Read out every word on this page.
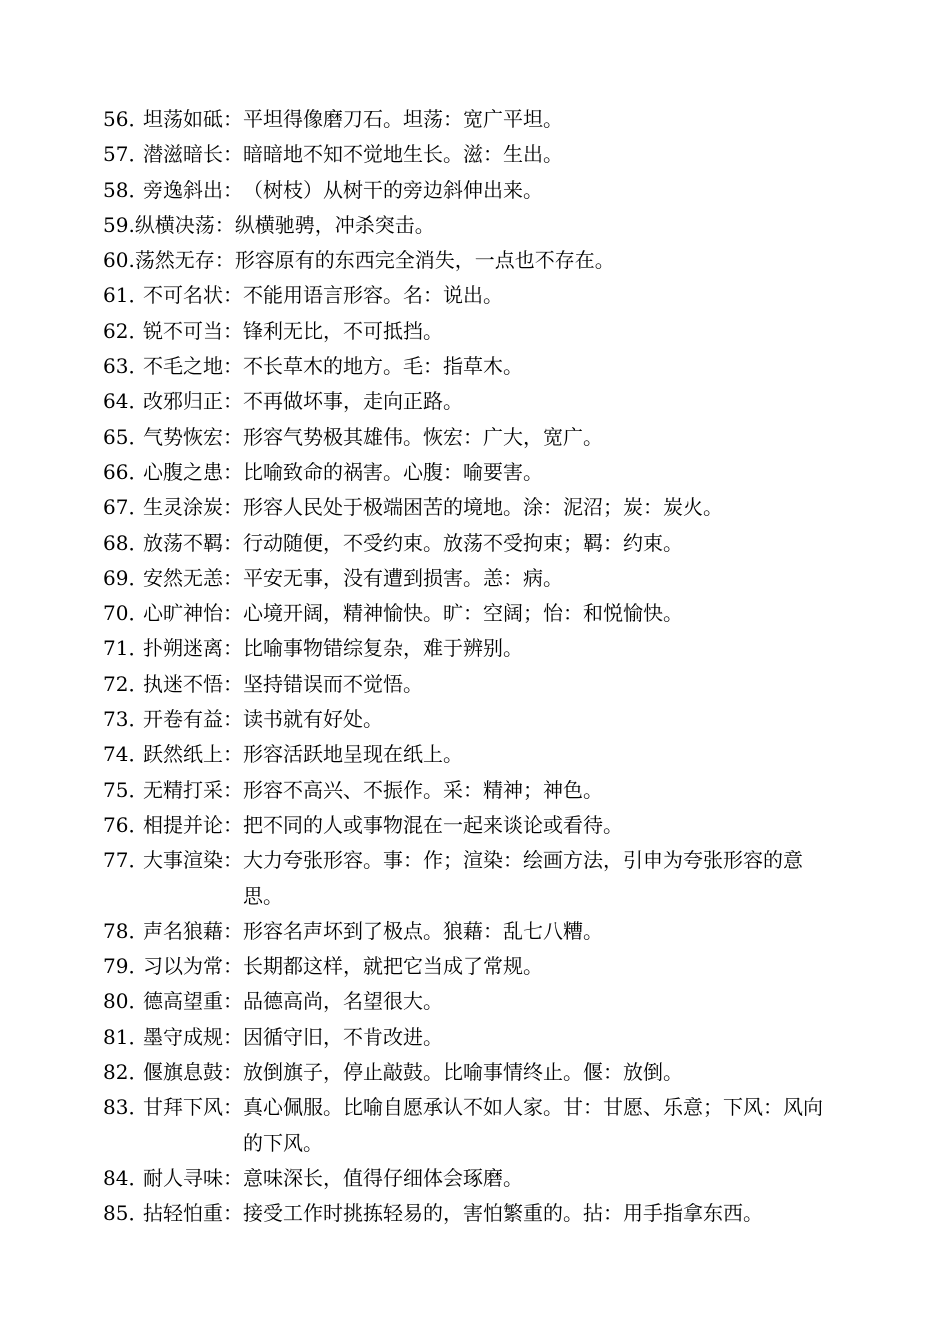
56．
坦荡如砥： 平坦得像磨刀石。坦荡：宽广平坦。
57．
潜滋暗长： 暗暗地不知不觉地生长。滋：生出。
58．
旁逸斜出： （树枝）从树干的旁边斜伸出来。
59. 纵横决荡： 纵横驰骋，冲杀突击。
60. 荡然无存： 形容原有的东西完全消失，一点也不存在。
61．
不可名状： 不能用语言形容。名：说出。
62．
锐不可当： 锋利无比，不可抵挡。
63．
不毛之地： 不长草木的地方。毛：指草木。
64．
改邪归正： 不再做坏事，走向正路。
65．
气势恢宏： 形容气势极其雄伟。恢宏：广大，宽广。
66．
心腹之患： 比喻致命的祸害。心腹：喻要害。
67．
生灵涂炭： 形容人民处于极端困苦的境地。涂：泥沼；炭：炭火。
68．
放荡不羁： 行动随便，不受约束。放荡不受拘束；羁：约束。
69．
安然无恙： 平安无事，没有遭到损害。恙：病。
70．
心旷神怡： 心境开阔，精神愉快。旷：空阔；怡：和悦愉快。
71．
扑朔迷离： 比喻事物错综复杂，难于辨别。
72．
执迷不悟： 坚持错误而不觉悟。
73．
开卷有益： 读书就有好处。
74．
跃然纸上： 形容活跃地呈现在纸上。
75．
无精打采： 形容不高兴、不振作。采：精神；神色。
76．
相提并论： 把不同的人或事物混在一起来谈论或看待。
77．
大事渲染： 大力夸张形容。事：作；渲染：绘画方法，引申为夸张形容的意思。
78．
声名狼藉： 形容名声坏到了极点。狼藉：乱七八糟。
79．
习以为常： 长期都这样，就把它当成了常规。
80．
德高望重： 品德高尚，名望很大。
81．
墨守成规： 因循守旧，不肯改进。
82．
偃旗息鼓： 放倒旗子，停止敲鼓。比喻事情终止。偃：放倒。
83．
甘拜下风： 真心佩服。比喻自愿承认不如人家。甘：甘愿、乐意；下风：风向的下风。
84．
耐人寻味： 意味深长，值得仔细体会琢磨。
85．
拈轻怕重： 接受工作时挑拣轻易的，害怕繁重的。拈：用手指拿东西。
